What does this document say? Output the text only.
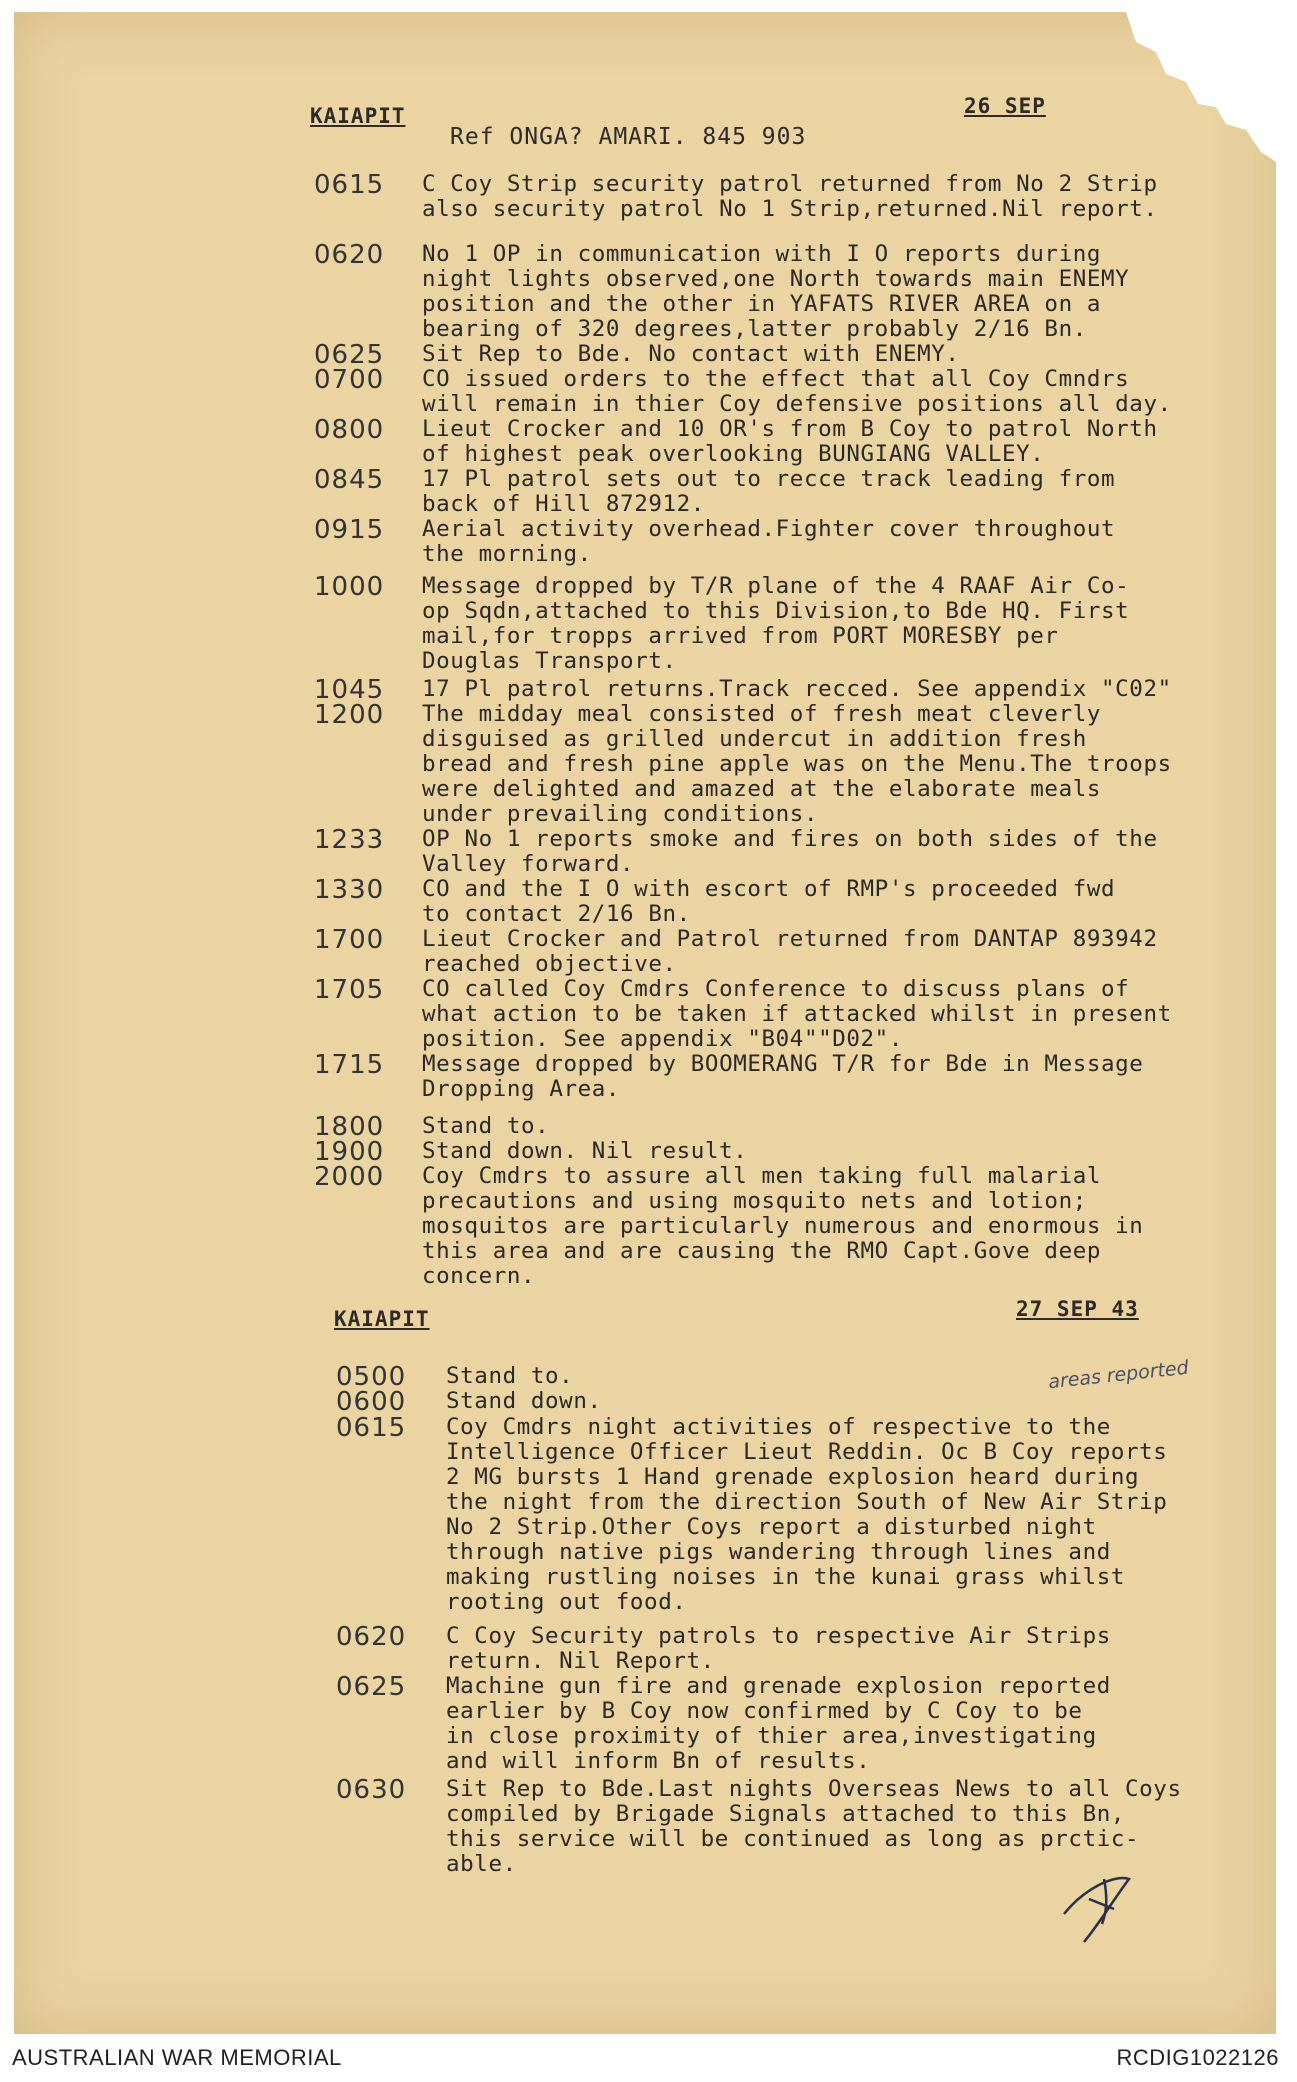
KAIAPIT	26 SEP
Ref ONGA? AMARI. 845 903
0615 C Coy Strip security patrol returned from No 2 Strip
also security patrol No 1 Strip,returned.Nil report.
0620 No 1 OP in communication with I O reports during
night lights observed,one North towards main ENEMY
position and the other in YAFATS RIVER AREA on a
bearing of 320 degrees,latter probably 2/16 Bn.
0625 Sit Rep to Bde. No contact with ENEMY.
0700 CO issued orders to the effect that all Coy Cmndrs
will remain in thier Coy defensive positions all day.
0800 Lieut Crocker and 10 OR's from B Coy to patrol North
of highest peak overlooking BUNGIANG VALLEY.
0845 17 Pl patrol sets out to recce track leading from
back of Hill 872912.
0915 Aerial activity overhead.Fighter cover throughout
the morning.
1000 Message dropped by T/R plane of the 4 RAAF Air Co-
op Sqdn,attached to this Division,to Bde HQ. First
mail,for tropps arrived from PORT MORESBY per
Douglas Transport.
1045 17 Pl patrol returns.Track recced. See appendix "C02"
1200 The midday meal consisted of fresh meat cleverly
disguised as grilled undercut in addition fresh
bread and fresh pine apple was on the Menu.The troops
were delighted and amazed at the elaborate meals
under prevailing conditions.
1233 OP No 1 reports smoke and fires on both sides of the
Valley forward.
1330 CO and the I O with escort of RMP's proceeded fwd
to contact 2/16 Bn.
1700 Lieut Crocker and Patrol returned from DANTAP 893942
reached objective.
1705 CO called Coy Cmdrs Conference to discuss plans of
what action to be taken if attacked whilst in present
position. See appendix "B04""D02".
1715 Message dropped by BOOMERANG T/R for Bde in Message
Dropping Area.
1800 Stand to.
1900 Stand down. Nil result.
2000 Coy Cmdrs to assure all men taking full malarial
precautions and using mosquito nets and lotion;
mosquitos are particularly numerous and enormous in
this area and are causing the RMO Capt.Gove deep
concern.
KAIAPIT	27 SEP 43
areas reported
0500 Stand to.
0600 Stand down.
0615 Coy Cmdrs night activities of respective to the
Intelligence Officer Lieut Reddin. Oc B Coy reports
2 MG bursts 1 Hand grenade explosion heard during
the night from the direction South of New Air Strip
No 2 Strip.Other Coys report a disturbed night
through native pigs wandering through lines and
making rustling noises in the kunai grass whilst
rooting out food.
0620 C Coy Security patrols to respective Air Strips
return. Nil Report.
0625 Machine gun fire and grenade explosion reported
earlier by B Coy now confirmed by C Coy to be
in close proximity of thier area,investigating
and will inform Bn of results.
0630 Sit Rep to Bde.Last nights Overseas News to all Coys
compiled by Brigade Signals attached to this Bn,
this service will be continued as long as prctic-
able.
AUSTRALIAN WAR MEMORIAL	RCDIG1022126
